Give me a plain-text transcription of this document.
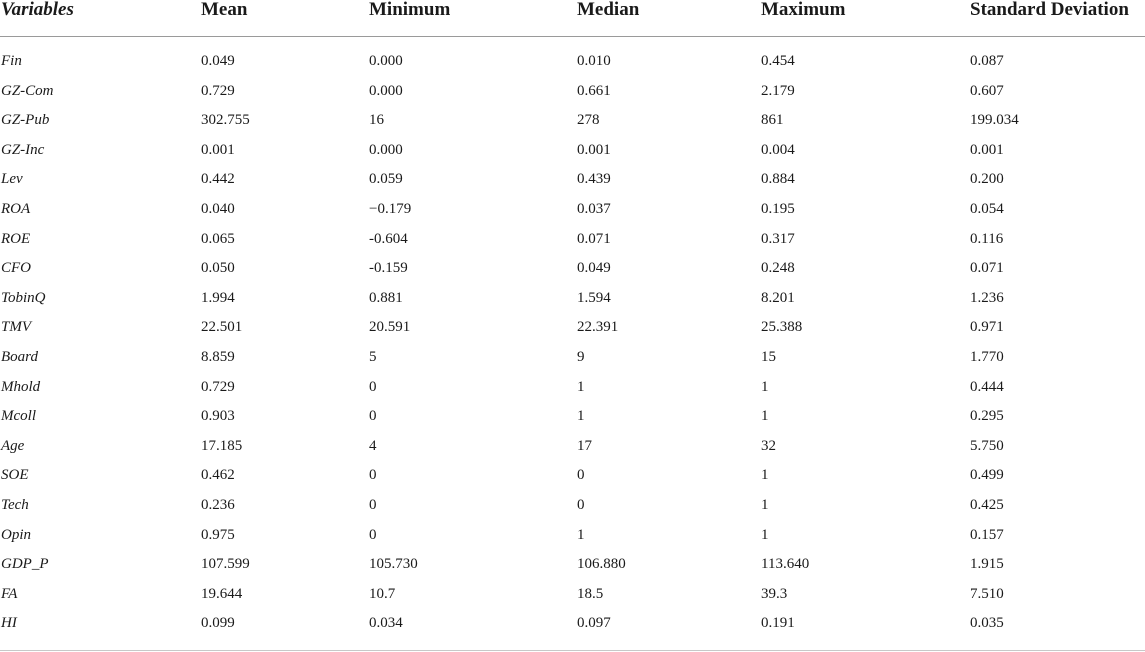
Variables	Mean	Minimum	Median	Maximum	Standard Deviation

Fin	0.049	0.000	0.010	0.454	0.087
GZ-Com	0.729	0.000	0.661	2.179	0.607
GZ-Pub	302.755	16	278	861	199.034
GZ-Inc	0.001	0.000	0.001	0.004	0.001
Lev	0.442	0.059	0.439	0.884	0.200
ROA	0.040	−0.179	0.037	0.195	0.054
ROE	0.065	-0.604	0.071	0.317	0.116
CFO	0.050	-0.159	0.049	0.248	0.071
TobinQ	1.994	0.881	1.594	8.201	1.236
TMV	22.501	20.591	22.391	25.388	0.971
Board	8.859	5	9	15	1.770
Mhold	0.729	0	1	1	0.444
Mcoll	0.903	0	1	1	0.295
Age	17.185	4	17	32	5.750
SOE	0.462	0	0	1	0.499
Tech	0.236	0	0	1	0.425
Opin	0.975	0	1	1	0.157
GDP_P	107.599	105.730	106.880	113.640	1.915
FA	19.644	10.7	18.5	39.3	7.510
HI	0.099	0.034	0.097	0.191	0.035
